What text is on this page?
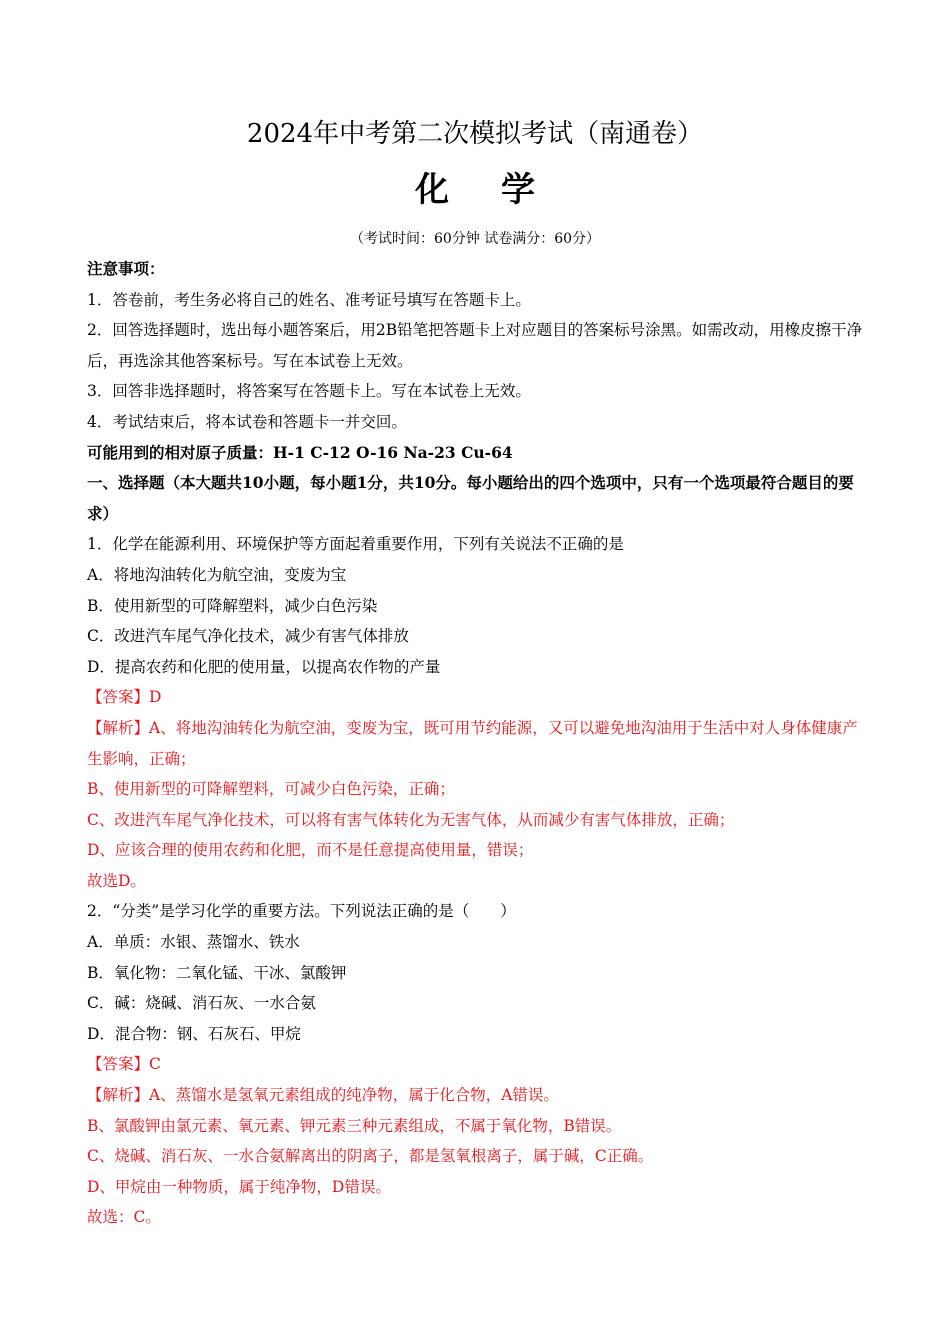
2024年中考第二次模拟考试（南通卷）
化学
（考试时间：60分钟 试卷满分：60分）
注意事项：
1．答卷前，考生务必将自己的姓名、准考证号填写在答题卡上。
2．回答选择题时，选出每小题答案后，用2B铅笔把答题卡上对应题目的答案标号涂黑。如需改动，用橡皮擦干净后，再选涂其他答案标号。写在本试卷上无效。
3．回答非选择题时，将答案写在答题卡上。写在本试卷上无效。
4．考试结束后，将本试卷和答题卡一并交回。
可能用到的相对原子质量：H-1 C-12 O-16 Na-23 Cu-64
一、选择题（本大题共10小题，每小题1分，共10分。每小题给出的四个选项中，只有一个选项最符合题目的要求）
1．化学在能源利用、环境保护等方面起着重要作用，下列有关说法不正确的是
A．将地沟油转化为航空油，变废为宝
B．使用新型的可降解塑料，减少白色污染
C．改进汽车尾气净化技术，减少有害气体排放
D．提高农药和化肥的使用量，以提高农作物的产量
【答案】D
【解析】A、将地沟油转化为航空油，变废为宝，既可用节约能源，又可以避免地沟油用于生活中对人身体健康产生影响，正确；
B、使用新型的可降解塑料，可减少白色污染，正确；
C、改进汽车尾气净化技术，可以将有害气体转化为无害气体，从而减少有害气体排放，正确；
D、应该合理的使用农药和化肥，而不是任意提高使用量，错误；
故选D。
2．“分类”是学习化学的重要方法。下列说法正确的是（　　）
A．单质：水银、蒸馏水、铁水
B．氧化物：二氧化锰、干冰、氯酸钾
C．碱：烧碱、消石灰、一水合氨
D．混合物：钢、石灰石、甲烷
【答案】C
【解析】A、蒸馏水是氢氧元素组成的纯净物，属于化合物，A错误。
B、氯酸钾由氯元素、氧元素、钾元素三种元素组成，不属于氧化物，B错误。
C、烧碱、消石灰、一水合氨解离出的阴离子，都是氢氧根离子，属于碱，C正确。
D、甲烷由一种物质，属于纯净物，D错误。
故选：C。
